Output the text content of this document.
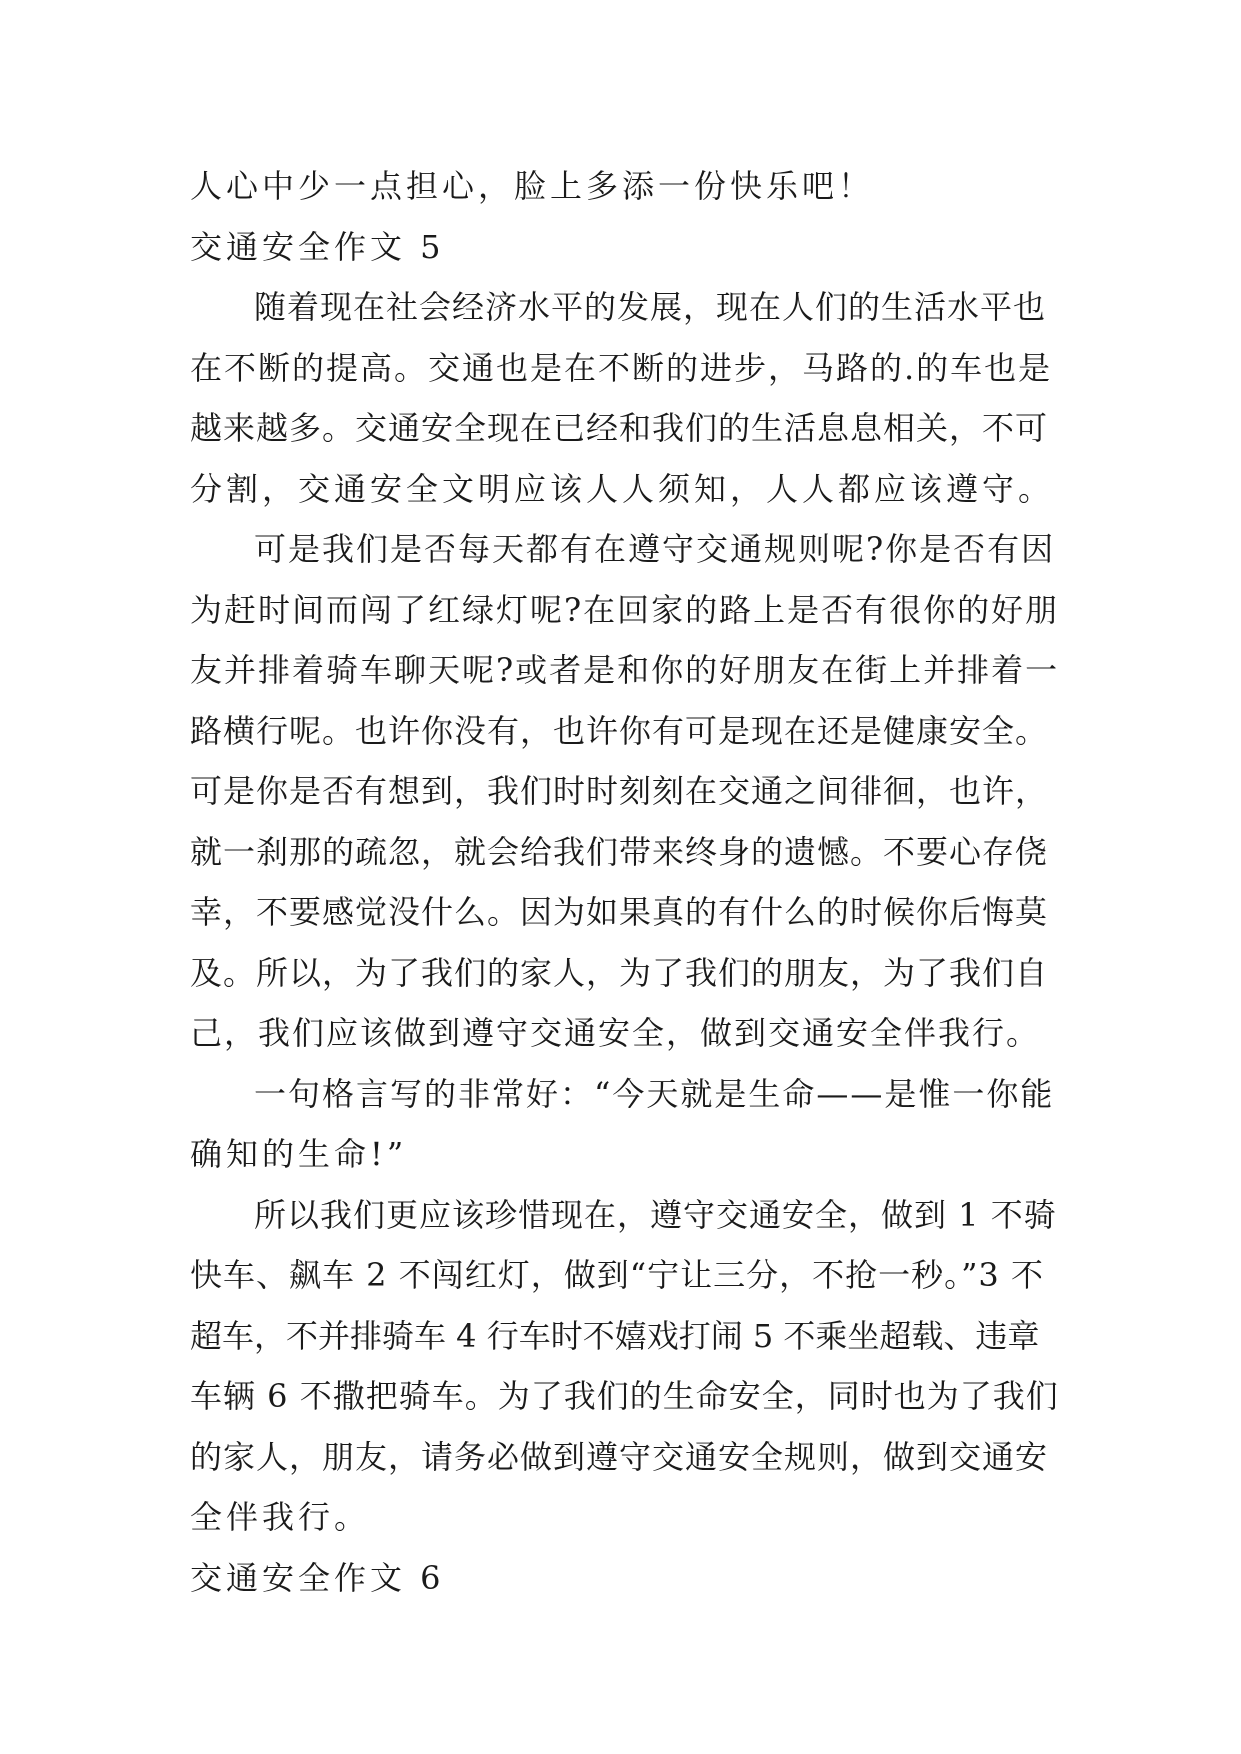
人心中少一点担心，脸上多添一份快乐吧！
交通安全作文 5
随着现在社会经济水平的发展，现在人们的生活水平也
在不断的提高。交通也是在不断的进步，马路的.的车也是
越来越多。交通安全现在已经和我们的生活息息相关，不可
分割，交通安全文明应该人人须知，人人都应该遵守。
可是我们是否每天都有在遵守交通规则呢?你是否有因
为赶时间而闯了红绿灯呢?在回家的路上是否有很你的好朋
友并排着骑车聊天呢?或者是和你的好朋友在街上并排着一
路横行呢。也许你没有，也许你有可是现在还是健康安全。
可是你是否有想到，我们时时刻刻在交通之间徘徊，也许，
就一刹那的疏忽，就会给我们带来终身的遗憾。不要心存侥
幸，不要感觉没什么。因为如果真的有什么的时候你后悔莫
及。所以，为了我们的家人，为了我们的朋友，为了我们自
己，我们应该做到遵守交通安全，做到交通安全伴我行。
一句格言写的非常好：“今天就是生命——是惟一你能
确知的生命!”
所以我们更应该珍惜现在，遵守交通安全，做到 1 不骑
快车、飙车 2 不闯红灯，做到“宁让三分，不抢一秒。”3 不
超车，不并排骑车 4 行车时不嬉戏打闹 5 不乘坐超载、违章
车辆 6 不撒把骑车。为了我们的生命安全，同时也为了我们
的家人，朋友，请务必做到遵守交通安全规则，做到交通安
全伴我行。
交通安全作文 6
